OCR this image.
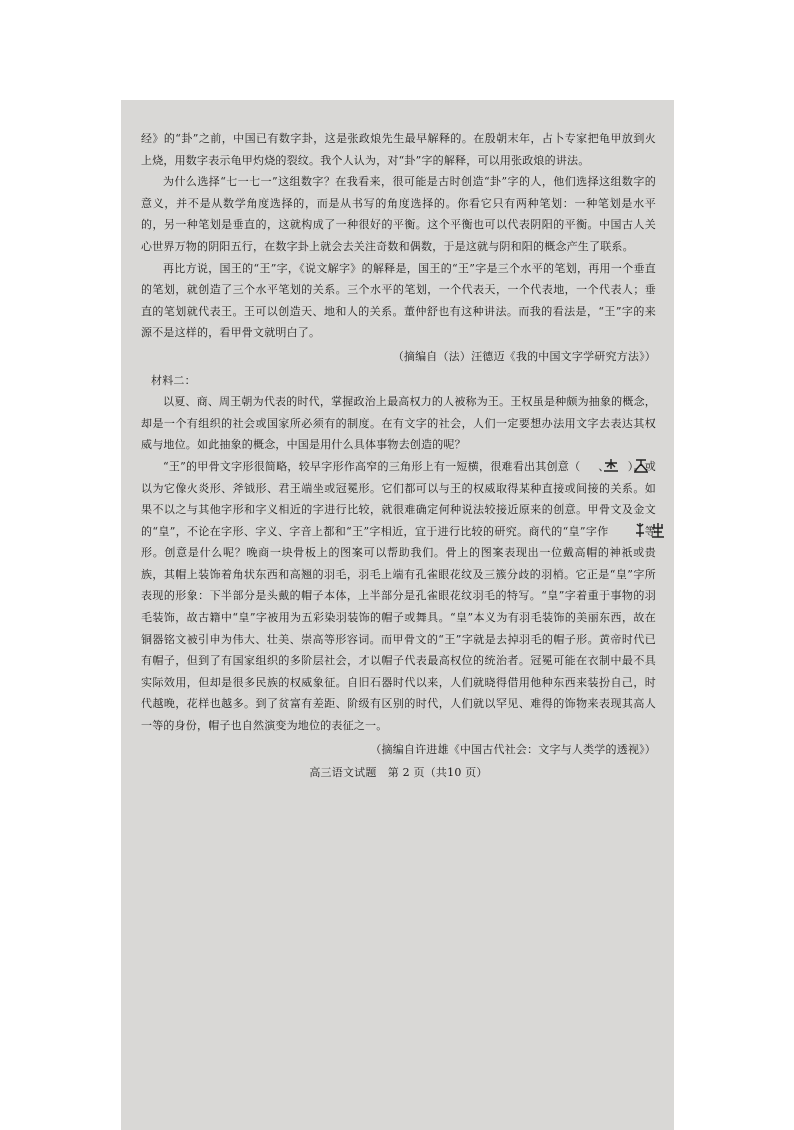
经》的“卦”之前，中国已有数字卦，这是张政烺先生最早解释的。在殷朝末年，占卜专家把龟甲放到火上烧，用数字表示龟甲灼烧的裂纹。我个人认为，对“卦”字的解释，可以用张政烺的讲法。

为什么选择“七一七一”这组数字？在我看来，很可能是古时创造“卦”字的人，他们选择这组数字的意义，并不是从数学角度选择的，而是从书写的角度选择的。你看它只有两种笔划：一种笔划是水平的，另一种笔划是垂直的，这就构成了一种很好的平衡。这个平衡也可以代表阴阳的平衡。中国古人关心世界万物的阴阳五行，在数字卦上就会去关注奇数和偶数，于是这就与阴和阳的概念产生了联系。

再比方说，国王的“王”字，《说文解字》的解释是，国王的“王”字是三个水平的笔划，再用一个垂直的笔划，就创造了三个水平笔划的关系。三个水平的笔划，一个代表天，一个代表地，一个代表人；垂直的笔划就代表王。王可以创造天、地和人的关系。董仲舒也有这种讲法。而我的看法是，“王”字的来源不是这样的，看甲骨文就明白了。

（摘编自（法）汪德迈《我的中国文字学研究方法》）

材料二：

以夏、商、周王朝为代表的时代，掌握政治上最高权力的人被称为王。王权虽是种颇为抽象的概念，却是一个有组织的社会或国家所必须有的制度。在有文字的社会，人们一定要想办法用文字去表达其权威与地位。如此抽象的概念，中国是用什么具体事物去创造的呢？

“王”的甲骨文字形很简略，较早字形作高窄的三角形上有一短横，很难看出其创意（ 、 ）。或以为它像火炎形、斧钺形、君王端坐或冠冕形。它们都可以与王的权威取得某种直接或间接的关系。如果不以之与其他字形和字义相近的字进行比较，就很难确定何种说法较接近原来的创意。甲骨文及金文的“皇”，不论在字形、字义、字音上都和“王”字相近，宜于进行比较的研究。商代的“皇”字作	等形。创意是什么呢？晚商一块骨板上的图案可以帮助我们。骨上的图案表现出一位戴高帽的神祇或贵族，其帽上装饰着角状东西和高翘的羽毛，羽毛上端有孔雀眼花纹及三簇分歧的羽梢。它正是“皇”字所表现的形象：下半部分是头戴的帽子本体，上半部分是孔雀眼花纹羽毛的特写。“皇”字着重于事物的羽毛装饰，故古籍中“皇”字被用为五彩染羽装饰的帽子或舞具。“皇”本义为有羽毛装饰的美丽东西，故在铜器铭文被引申为伟大、壮美、崇高等形容词。而甲骨文的“王”字就是去掉羽毛的帽子形。黄帝时代已有帽子，但到了有国家组织的多阶层社会，才以帽子代表最高权位的统治者。冠冕可能在衣制中最不具实际效用，但却是很多民族的权威象征。自旧石器时代以来，人们就晓得借用他种东西来装扮自己，时代越晚，花样也越多。到了贫富有差距、阶级有区别的时代，人们就以罕见、难得的饰物来表现其高人一等的身份，帽子也自然演变为地位的表征之一。

（摘编自许进雄《中国古代社会：文字与人类学的透视》）

高三语文试题　第 2 页（共10 页）
